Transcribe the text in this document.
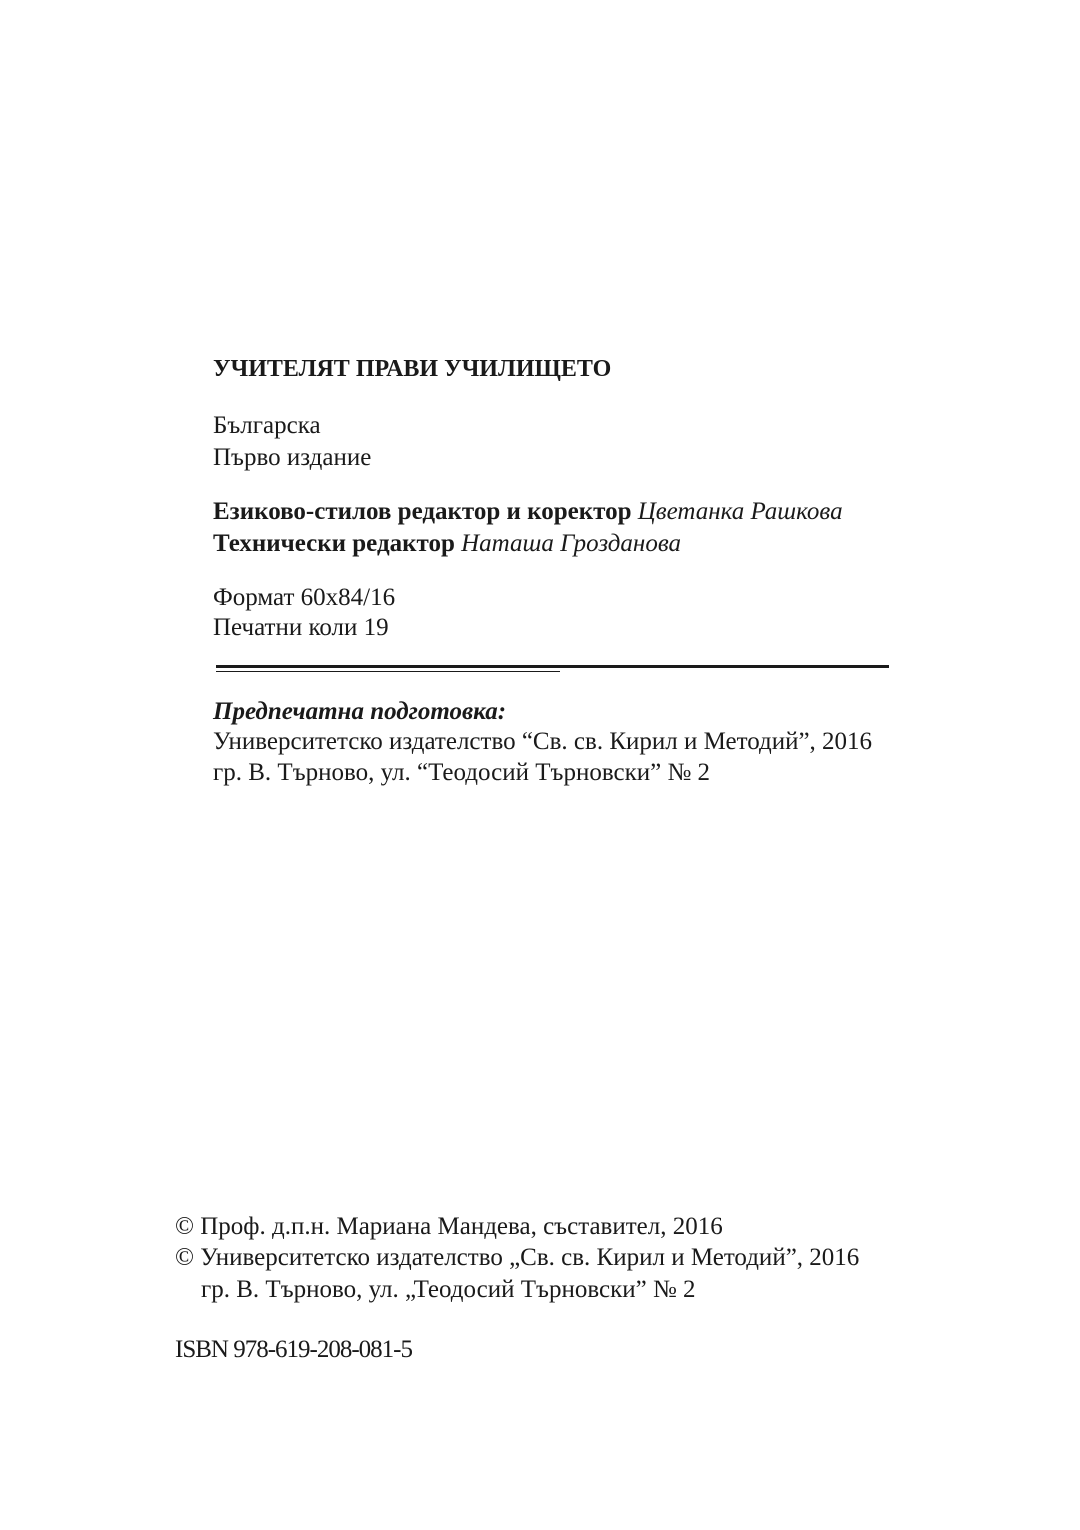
УЧИТЕЛЯТ ПРАВИ УЧИЛИЩЕТО
Българска
Първо издание
Езиково-стилов редактор и коректор Цветанка Рашкова
Технически редактор Наташа Грозданова
Формат 60х84/16
Печатни коли 19
Предпечатна подготовка:
Университетско издателство “Св. св. Кирил и Методий”, 2016
гр. В. Търново, ул. “Теодосий Търновски” № 2
© Проф. д.п.н. Мариана Мандева, съставител, 2016
© Университетско издателство „Св. св. Кирил и Методий”, 2016
гр. В. Търново, ул. „Теодосий Търновски” № 2
ISBN 978-619-208-081-5
